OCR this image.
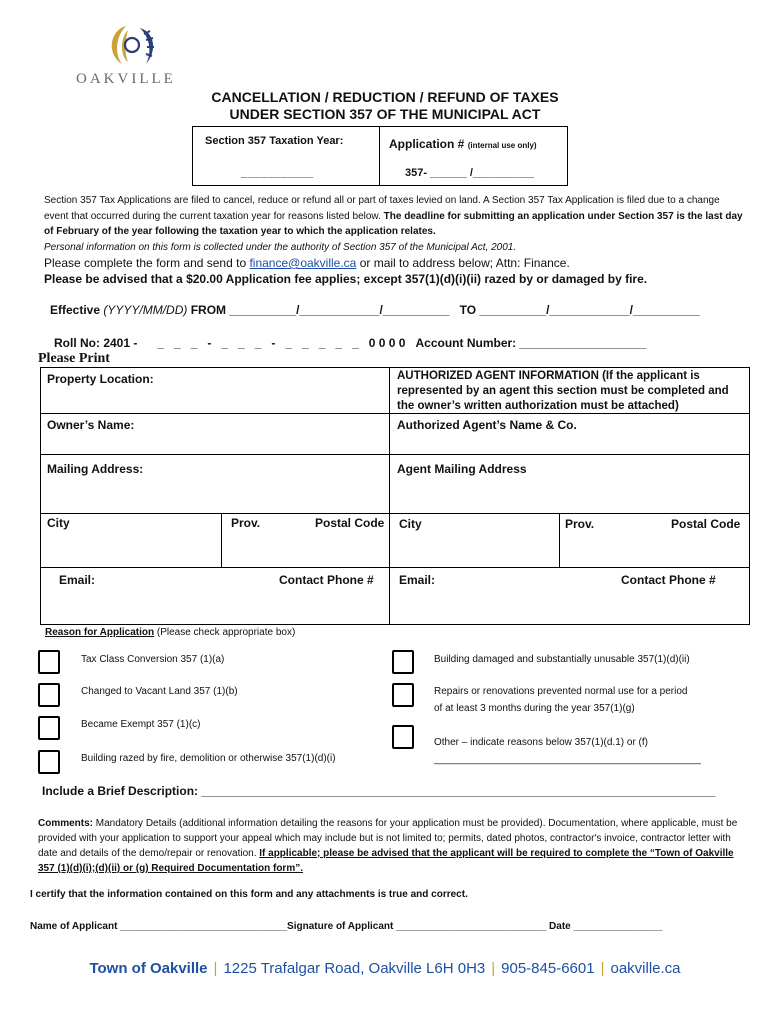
OAKVILLE
CANCELLATION / REDUCTION / REFUND OF TAXES
UNDER SECTION 357 OF THE MUNICIPAL ACT
Section 357 Taxation Year:
___________
Application # (internal use only)
357- ______ /__________
Section 357 Tax Applications are filed to cancel, reduce or refund all or part of taxes levied on land. A Section 357 Tax Application is filed due to a change event that occurred during the current taxation year for reasons listed below. The deadline for submitting an application under Section 357 is the last day of February of the year following the taxation year to which the application relates.
Personal information on this form is collected under the authority of Section 357 of the Municipal Act, 2001.
Please complete the form and send to finance@oakville.ca or mail to address below; Attn: Finance.
Please be advised that a $20.00 Application fee applies; except 357(1)(d)(i)(ii) razed by or damaged by fire.
Effective (YYYY/MM/DD) FROM __________/____________/__________ TO __________/____________/__________
Roll No: 2401 -      _   _   _   -   _   _   _   -   _   _   _   _   _   0 0 0 0 Account Number: ___________________
Please Print
Property Location:	AUTHORIZED AGENT INFORMATION (If the applicant is represented by an agent this section must be completed and the owner’s written authorization must be attached)
Owner’s Name:	Authorized Agent’s Name & Co.
Mailing Address:	Agent Mailing Address
City	Prov.	Postal Code City	Prov.	Postal Code
Email:	Contact Phone # Email:	Contact Phone #
Reason for Application (Please check appropriate box)
Tax Class Conversion 357 (1)(a)
Changed to Vacant Land 357 (1)(b)
Became Exempt 357 (1)(c)
Building razed by fire, demolition or otherwise 357(1)(d)(i)
Building damaged and substantially unusable 357(1)(d)(ii)
Repairs or renovations prevented normal use for a period
of at least 3 months during the year 357(1)(g)
Other – indicate reasons below 357(1)(d.1) or (f)
________________________________________________
Include a Brief Description: _____________________________________________________________________________
Comments: Mandatory Details (additional information detailing the reasons for your application must be provided). Documentation, where applicable, must be provided with your application to support your appeal which may include but is not limited to; permits, dated photos, contractor's invoice, contractor letter with date and details of the demo/repair or renovation. If applicable; please be advised that the applicant will be required to complete the “Town of Oakville 357 (1)(d)(i);(d)(ii) or (g) Required Documentation form”.
I certify that the information contained on this form and any attachments is true and correct.
Name of Applicant ______________________________Signature of Applicant ___________________________ Date ________________
Town of Oakville | 1225 Trafalgar Road, Oakville L6H 0H3 | 905-845-6601 | oakville.ca
